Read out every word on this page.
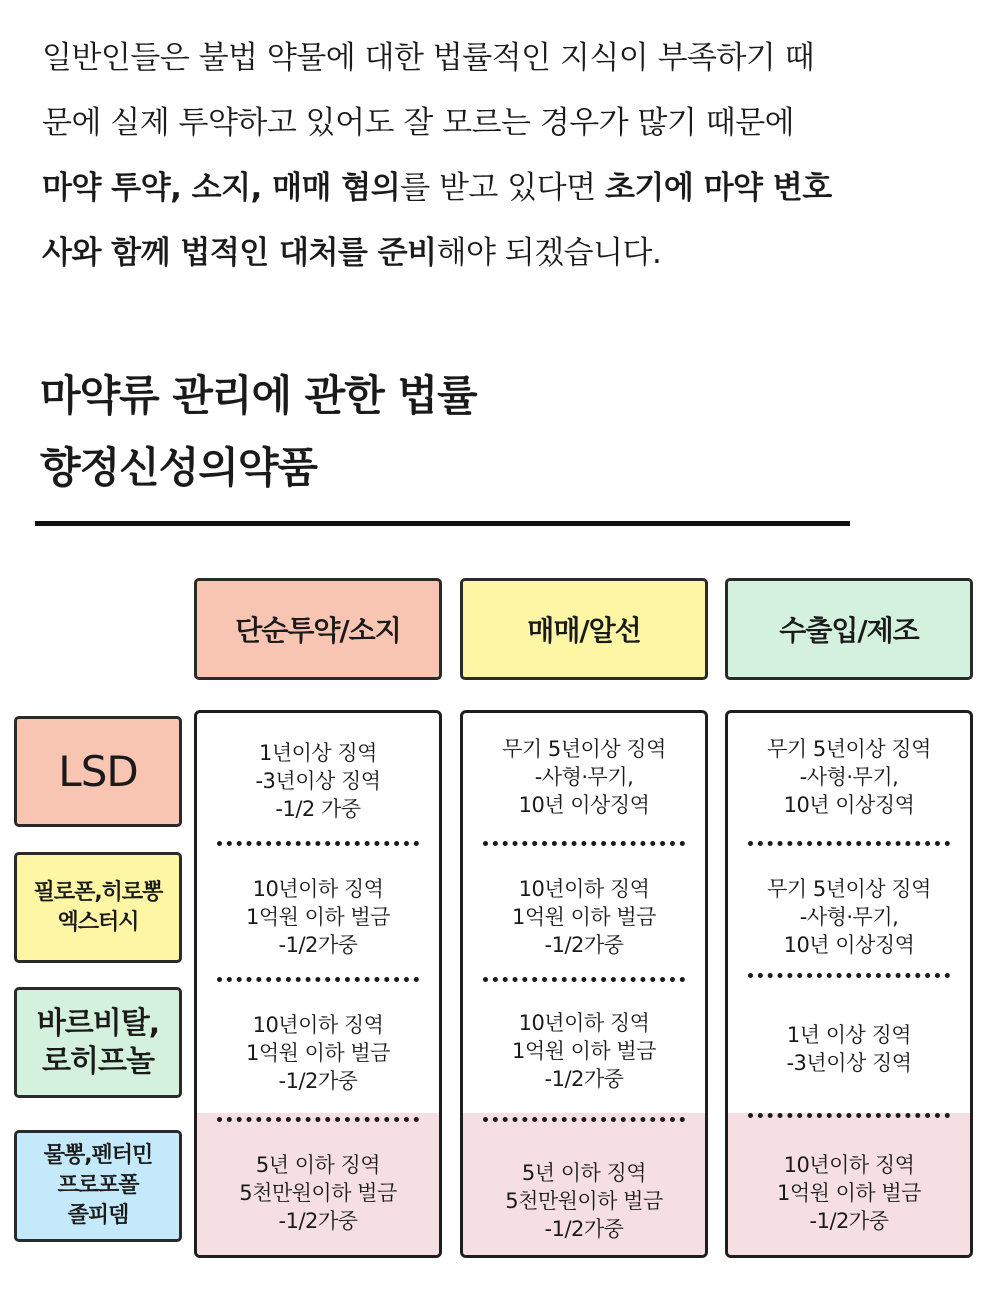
일반인들은 불법 약물에 대한 법률적인 지식이 부족하기 때
문에 실제 투약하고 있어도 잘 모르는 경우가 많기 때문에
마약 투약, 소지, 매매 혐의를 받고 있다면 초기에 마약 변호
사와 함께 법적인 대처를 준비해야 되겠습니다.
마약류 관리에 관한 법률
향정신성의약품
단순투약/소지	매매/알선	수출입/제조
LSD
필로폰,히로뽕
엑스터시
바르비탈,
로히프놀
물뽕,펜터민
프로포폴
졸피뎀
1년이상 징역
-3년이상 징역
-1/2 가중
10년이하 징역
1억원 이하 벌금
-1/2가중
10년이하 징역
1억원 이하 벌금
-1/2가중
5년 이하 징역
5천만원이하 벌금
-1/2가중
무기 5년이상 징역
-사형·무기,
10년 이상징역
10년이하 징역
1억원 이하 벌금
-1/2가중
10년이하 징역
1억원 이하 벌금
-1/2가중
5년 이하 징역
5천만원이하 벌금
-1/2가중
무기 5년이상 징역
-사형·무기,
10년 이상징역
무기 5년이상 징역
-사형·무기,
10년 이상징역
1년 이상 징역
-3년이상 징역
10년이하 징역
1억원 이하 벌금
-1/2가중
